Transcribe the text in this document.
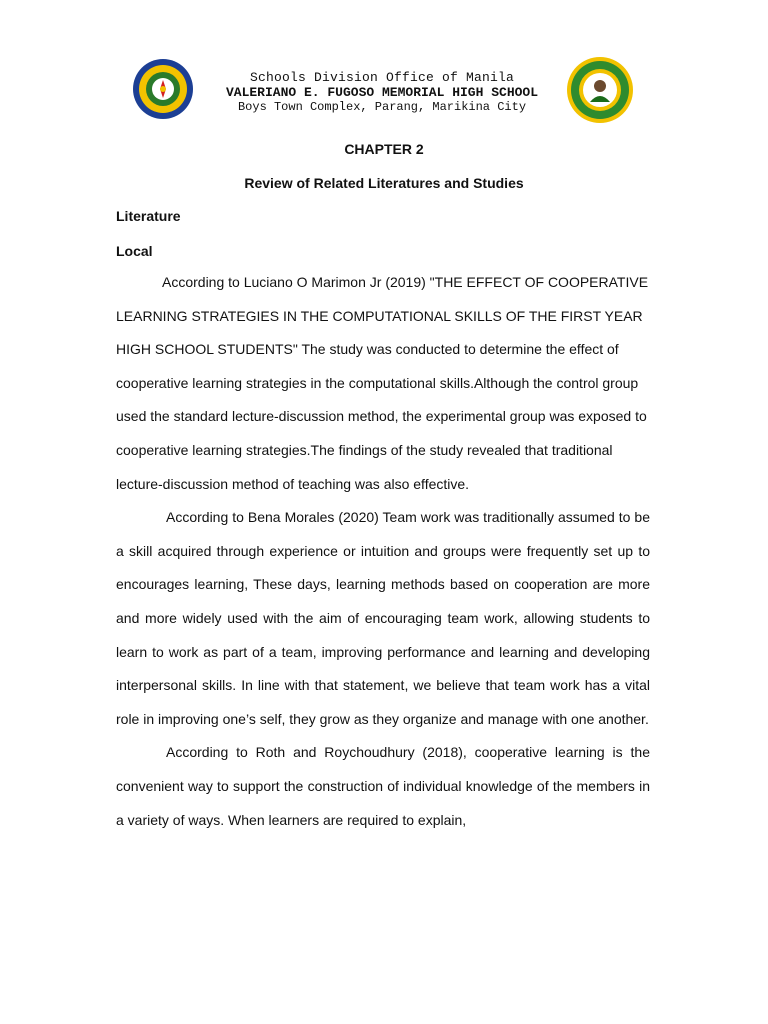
Schools Division Office of Manila
VALERIANO E. FUGOSO MEMORIAL HIGH SCHOOL
Boys Town Complex, Parang, Marikina City
CHAPTER 2
Review of Related Literatures and Studies
Literature
Local

According to Luciano O Marimon Jr (2019) "THE EFFECT OF COOPERATIVE LEARNING STRATEGIES IN THE COMPUTATIONAL SKILLS OF THE FIRST YEAR HIGH SCHOOL STUDENTS" The study was conducted to determine the effect of cooperative learning strategies in the computational skills.Although the control group used the standard lecture-discussion method, the experimental group was exposed to cooperative learning strategies.The findings of the study revealed that traditional lecture-discussion method of teaching was also effective.

According to Bena Morales (2020) Team work was traditionally assumed to be a skill acquired through experience or intuition and groups were frequently set up to encourages learning, These days, learning methods based on cooperation are more and more widely used with the aim of encouraging team work, allowing students to learn to work as part of a team, improving performance and learning and developing interpersonal skills. In line with that statement, we believe that team work has a vital role in improving one’s self, they grow as they organize and manage with one another.

According to Roth and Roychoudhury (2018), cooperative learning is the convenient way to support the construction of individual knowledge of the members in a variety of ways. When learners are required to explain,
